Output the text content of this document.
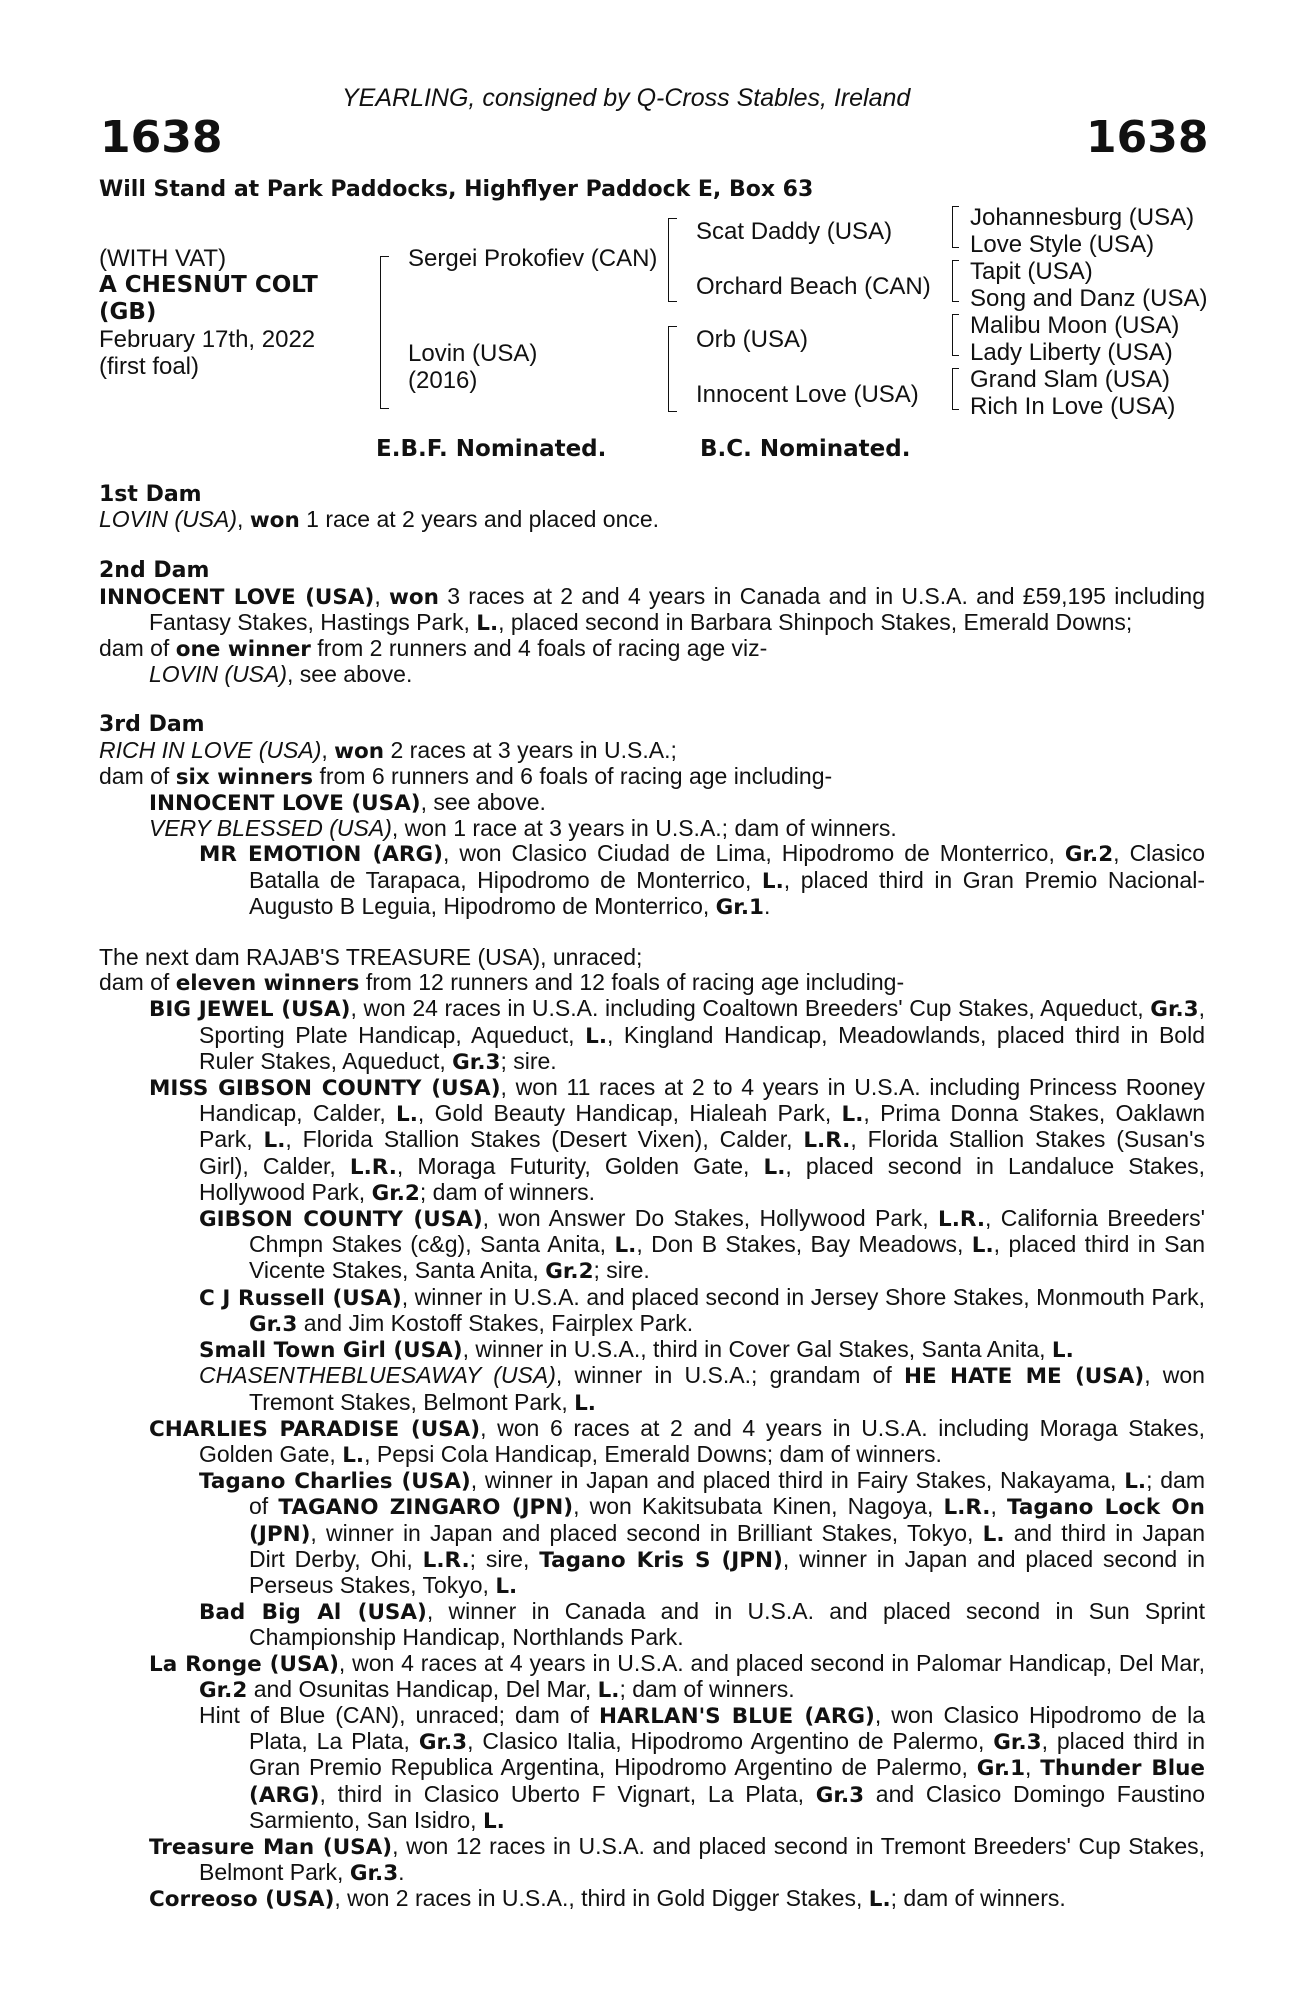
YEARLING, consigned by Q-Cross Stables, Ireland
1638	1638
Will Stand at Park Paddocks, Highflyer Paddock E, Box 63
(WITH VAT)
A CHESNUT COLT
(GB)
February 17th, 2022
(first foal)
Sergei Prokofiev (CAN)
Lovin (USA)
(2016)
Scat Daddy (USA)
Orchard Beach (CAN)
Orb (USA)
Innocent Love (USA)
Johannesburg (USA)
Love Style (USA)
Tapit (USA)
Song and Danz (USA)
Malibu Moon (USA)
Lady Liberty (USA)
Grand Slam (USA)
Rich In Love (USA)
E.B.F. Nominated.	B.C. Nominated.

1st Dam

LOVIN (USA), won 1 race at 2 years and placed once.

2nd Dam

INNOCENT LOVE (USA), won 3 races at 2 and 4 years in Canada and in U.S.A. and £59,195 including Fantasy Stakes, Hastings Park, L., placed second in Barbara Shinpoch Stakes, Emerald Downs;

dam of one winner from 2 runners and 4 foals of racing age viz-

LOVIN (USA), see above.

3rd Dam

RICH IN LOVE (USA), won 2 races at 3 years in U.S.A.;

dam of six winners from 6 runners and 6 foals of racing age including-

INNOCENT LOVE (USA), see above.

VERY BLESSED (USA), won 1 race at 3 years in U.S.A.; dam of winners.

MR EMOTION (ARG), won Clasico Ciudad de Lima, Hipodromo de Monterrico, Gr.2, Clasico Batalla de Tarapaca, Hipodromo de Monterrico, L., placed third in Gran Premio Nacional-Augusto B Leguia, Hipodromo de Monterrico, Gr.1.

The next dam RAJAB'S TREASURE (USA), unraced;

dam of eleven winners from 12 runners and 12 foals of racing age including-

BIG JEWEL (USA), won 24 races in U.S.A. including Coaltown Breeders' Cup Stakes, Aqueduct, Gr.3, Sporting Plate Handicap, Aqueduct, L., Kingland Handicap, Meadowlands, placed third in Bold Ruler Stakes, Aqueduct, Gr.3; sire.

MISS GIBSON COUNTY (USA), won 11 races at 2 to 4 years in U.S.A. including Princess Rooney Handicap, Calder, L., Gold Beauty Handicap, Hialeah Park, L., Prima Donna Stakes, Oaklawn Park, L., Florida Stallion Stakes (Desert Vixen), Calder, L.R., Florida Stallion Stakes (Susan's Girl), Calder, L.R., Moraga Futurity, Golden Gate, L., placed second in Landaluce Stakes, Hollywood Park, Gr.2; dam of winners.

GIBSON COUNTY (USA), won Answer Do Stakes, Hollywood Park, L.R., California Breeders' Chmpn Stakes (c&g), Santa Anita, L., Don B Stakes, Bay Meadows, L., placed third in San Vicente Stakes, Santa Anita, Gr.2; sire.

C J Russell (USA), winner in U.S.A. and placed second in Jersey Shore Stakes, Monmouth Park, Gr.3 and Jim Kostoff Stakes, Fairplex Park.

Small Town Girl (USA), winner in U.S.A., third in Cover Gal Stakes, Santa Anita, L.

CHASENTHEBLUESAWAY (USA), winner in U.S.A.; grandam of HE HATE ME (USA), won Tremont Stakes, Belmont Park, L.

CHARLIES PARADISE (USA), won 6 races at 2 and 4 years in U.S.A. including Moraga Stakes, Golden Gate, L., Pepsi Cola Handicap, Emerald Downs; dam of winners.

Tagano Charlies (USA), winner in Japan and placed third in Fairy Stakes, Nakayama, L.; dam of TAGANO ZINGARO (JPN), won Kakitsubata Kinen, Nagoya, L.R., Tagano Lock On (JPN), winner in Japan and placed second in Brilliant Stakes, Tokyo, L. and third in Japan Dirt Derby, Ohi, L.R.; sire, Tagano Kris S (JPN), winner in Japan and placed second in Perseus Stakes, Tokyo, L.

Bad Big Al (USA), winner in Canada and in U.S.A. and placed second in Sun Sprint Championship Handicap, Northlands Park.

La Ronge (USA), won 4 races at 4 years in U.S.A. and placed second in Palomar Handicap, Del Mar, Gr.2 and Osunitas Handicap, Del Mar, L.; dam of winners.

Hint of Blue (CAN), unraced; dam of HARLAN'S BLUE (ARG), won Clasico Hipodromo de la Plata, La Plata, Gr.3, Clasico Italia, Hipodromo Argentino de Palermo, Gr.3, placed third in Gran Premio Republica Argentina, Hipodromo Argentino de Palermo, Gr.1, Thunder Blue (ARG), third in Clasico Uberto F Vignart, La Plata, Gr.3 and Clasico Domingo Faustino Sarmiento, San Isidro, L.

Treasure Man (USA), won 12 races in U.S.A. and placed second in Tremont Breeders' Cup Stakes, Belmont Park, Gr.3.

Correoso (USA), won 2 races in U.S.A., third in Gold Digger Stakes, L.; dam of winners.
